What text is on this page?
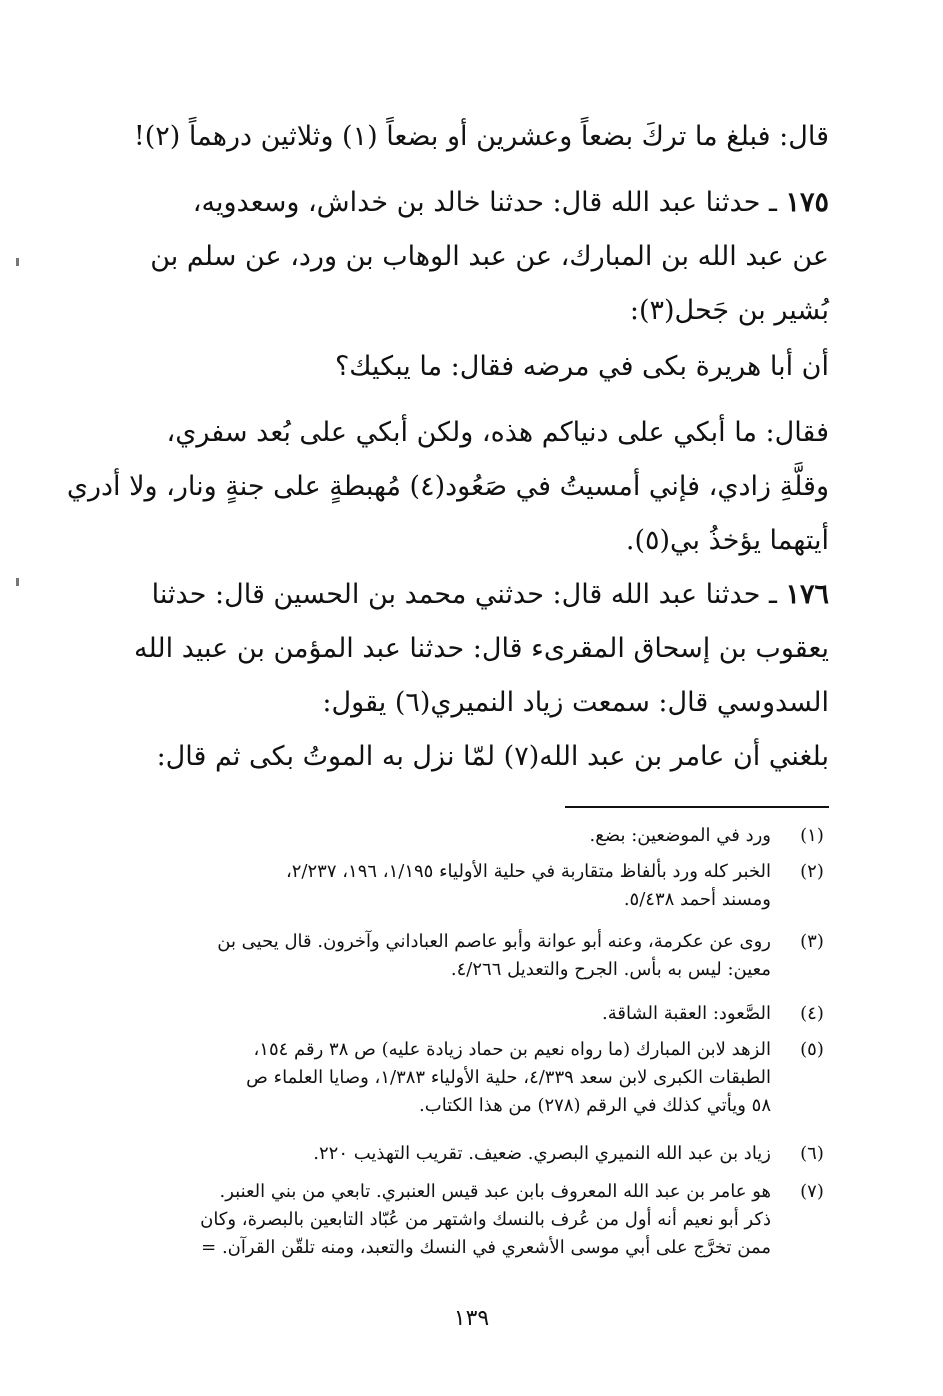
قال: فبلغ ما تركَ بضعاً وعشرين أو بضعاً (١) وثلاثين درهماً (٢)!
١٧٥ ـ حدثنا عبد الله قال: حدثنا خالد بن خداش، وسعدويه،
عن عبد الله بن المبارك، عن عبد الوهاب بن ورد، عن سلم بن
بُشير بن جَحل(٣):
أن أبا هريرة بكى في مرضه فقال: ما يبكيك؟
فقال: ما أبكي على دنياكم هذه، ولكن أبكي على بُعد سفري،
وقلَّةِ زادي، فإني أمسيتُ في صَعُود(٤) مُهبطةٍ على جنةٍ ونار، ولا أدري
أيتهما يؤخذُ بي(٥).
١٧٦ ـ حدثنا عبد الله قال: حدثني محمد بن الحسين قال: حدثنا
يعقوب بن إسحاق المقرىء قال: حدثنا عبد المؤمن بن عبيد الله
السدوسي قال: سمعت زياد النميري(٦) يقول:
بلغني أن عامر بن عبد الله(٧) لمّا نزل به الموتُ بكى ثم قال:
(١)
ورد في الموضعين: بضع.
(٢)
الخبر كله ورد بألفاظ متقاربة في حلية الأولياء ١/١٩٥، ١٩٦، ٢/٢٣٧،
ومسند أحمد ٥/٤٣٨.
(٣)
روى عن عكرمة، وعنه أبو عوانة وأبو عاصم العباداني وآخرون. قال يحيى بن
معين: ليس به بأس. الجرح والتعديل ٤/٢٦٦.
(٤)
الصَّعود: العقبة الشاقة.
(٥)
الزهد لابن المبارك (ما رواه نعيم بن حماد زيادة عليه) ص ٣٨ رقم ١٥٤،
الطبقات الكبرى لابن سعد ٤/٣٣٩، حلية الأولياء ١/٣٨٣، وصايا العلماء ص
٥٨ ويأتي كذلك في الرقم (٢٧٨) من هذا الكتاب.
(٦)
زياد بن عبد الله النميري البصري. ضعيف. تقريب التهذيب ٢٢٠.
(٧)
هو عامر بن عبد الله المعروف بابن عبد قيس العنبري. تابعي من بني العنبر.
ذكر أبو نعيم أنه أول من عُرف بالنسك واشتهر من عُبّاد التابعين بالبصرة، وكان
ممن تخرَّج على أبي موسى الأشعري في النسك والتعبد، ومنه تلقّن القرآن. =
١٣٩
